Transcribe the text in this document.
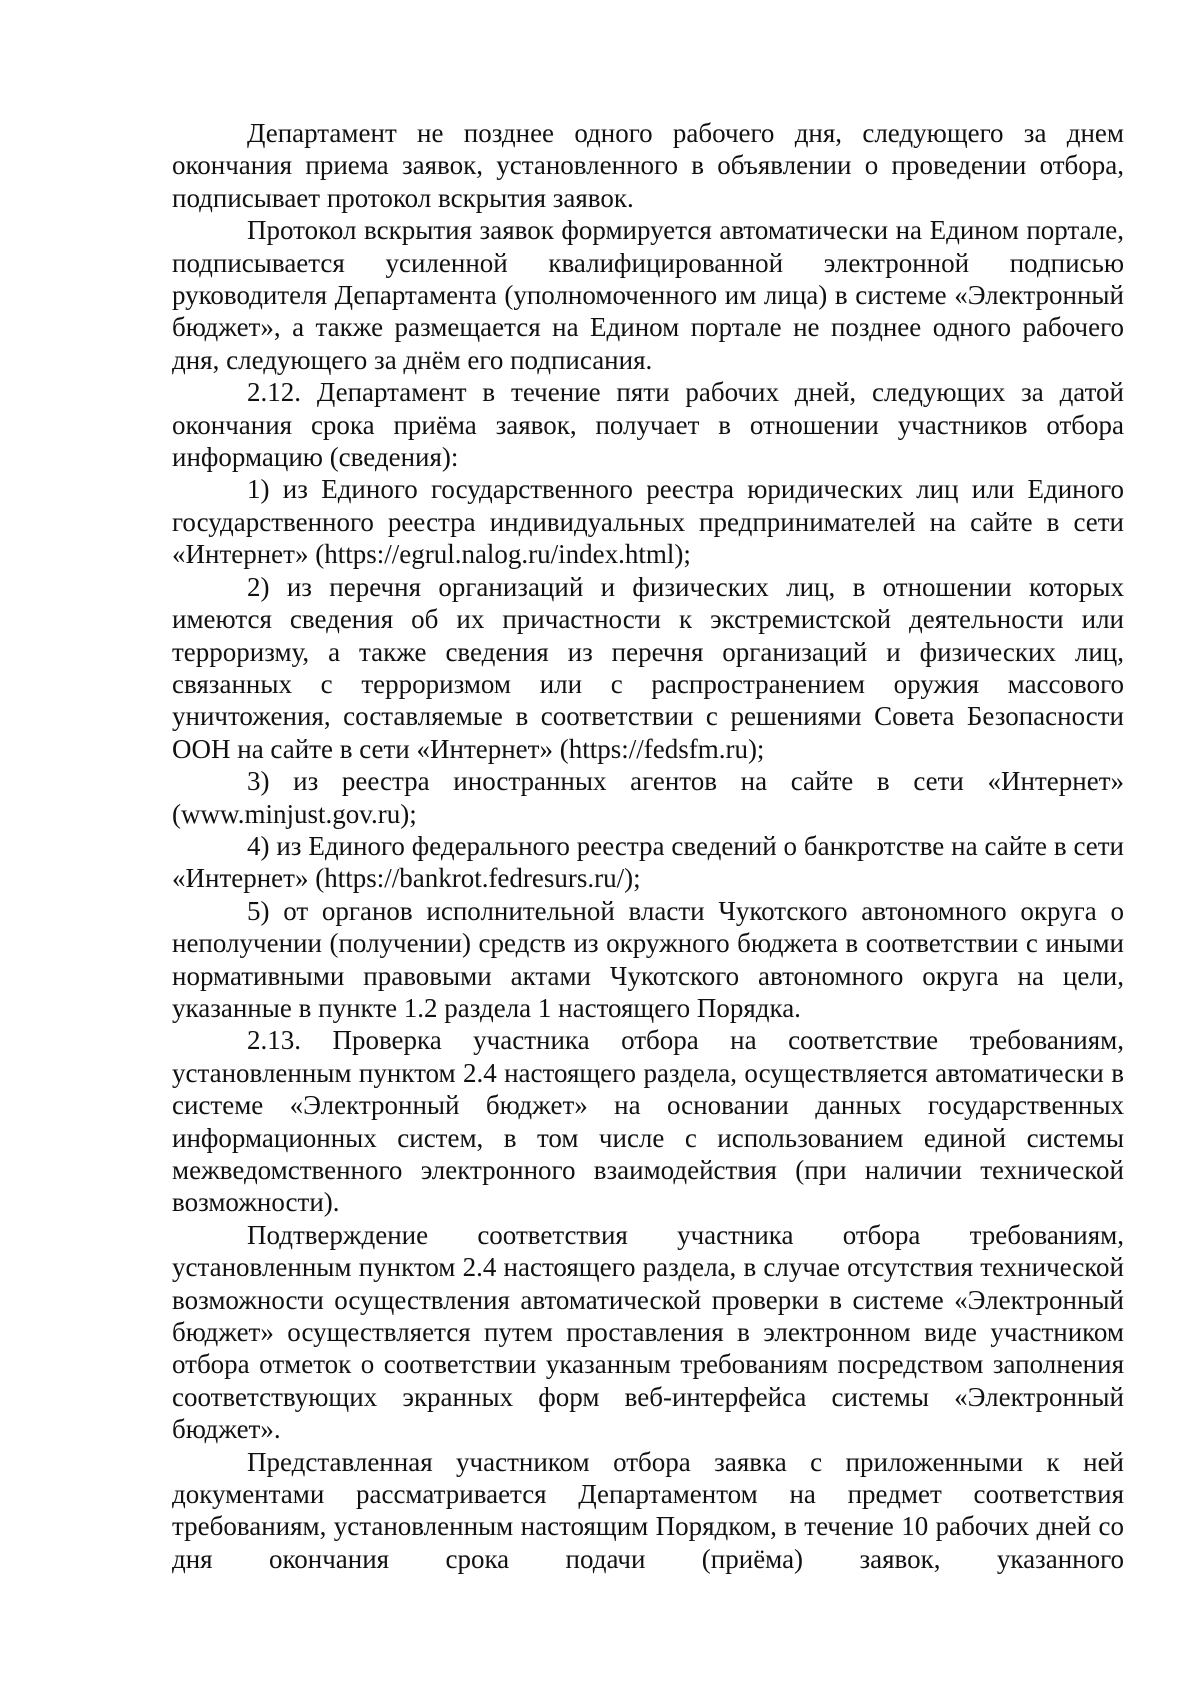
Департамент не позднее одного рабочего дня, следующего за днем окончания приема заявок, установленного в объявлении о проведении отбора, подписывает протокол вскрытия заявок.

Протокол вскрытия заявок формируется автоматически на Едином портале, подписывается усиленной квалифицированной электронной подписью руководителя Департамента (уполномоченного им лица) в системе «Электронный бюджет», а также размещается на Едином портале не позднее одного рабочего дня, следующего за днём его подписания.

2.12. Департамент в течение пяти рабочих дней, следующих за датой окончания срока приёма заявок, получает в отношении участников отбора информацию (сведения):

1) из Единого государственного реестра юридических лиц или Единого государственного реестра индивидуальных предпринимателей на сайте в сети «Интернет» (https://egrul.nalog.ru/index.html);

2) из перечня организаций и физических лиц, в отношении которых имеются сведения об их причастности к экстремистской деятельности или терроризму, а также сведения из перечня организаций и физических лиц, связанных с терроризмом или с распространением оружия массового уничтожения, составляемые в соответствии с решениями Совета Безопасности ООН на сайте в сети «Интернет» (https://fedsfm.ru);

3) из реестра иностранных агентов на сайте в сети «Интернет» (www.minjust.gov.ru);

4) из Единого федерального реестра сведений о банкротстве на сайте в сети «Интернет» (https://bankrot.fedresurs.ru/);

5) от органов исполнительной власти Чукотского автономного округа о неполучении (получении) средств из окружного бюджета в соответствии с иными нормативными правовыми актами Чукотского автономного округа на цели, указанные в пункте 1.2 раздела 1 настоящего Порядка.

2.13. Проверка участника отбора на соответствие требованиям, установленным пунктом 2.4 настоящего раздела, осуществляется автоматически в системе «Электронный бюджет» на основании данных государственных информационных систем, в том числе с использованием единой системы межведомственного электронного взаимодействия (при наличии технической возможности).

Подтверждение соответствия участника отбора требованиям, установленным пунктом 2.4 настоящего раздела, в случае отсутствия технической возможности осуществления автоматической проверки в системе «Электронный бюджет» осуществляется путем проставления в электронном виде участником отбора отметок о соответствии указанным требованиям посредством заполнения соответствующих экранных форм веб-интерфейса системы «Электронный бюджет».

Представленная участником отбора заявка с приложенными к ней документами рассматривается Департаментом на предмет соответствия требованиям, установленным настоящим Порядком, в течение 10 рабочих дней со дня окончания срока подачи (приёма) заявок, указанного
